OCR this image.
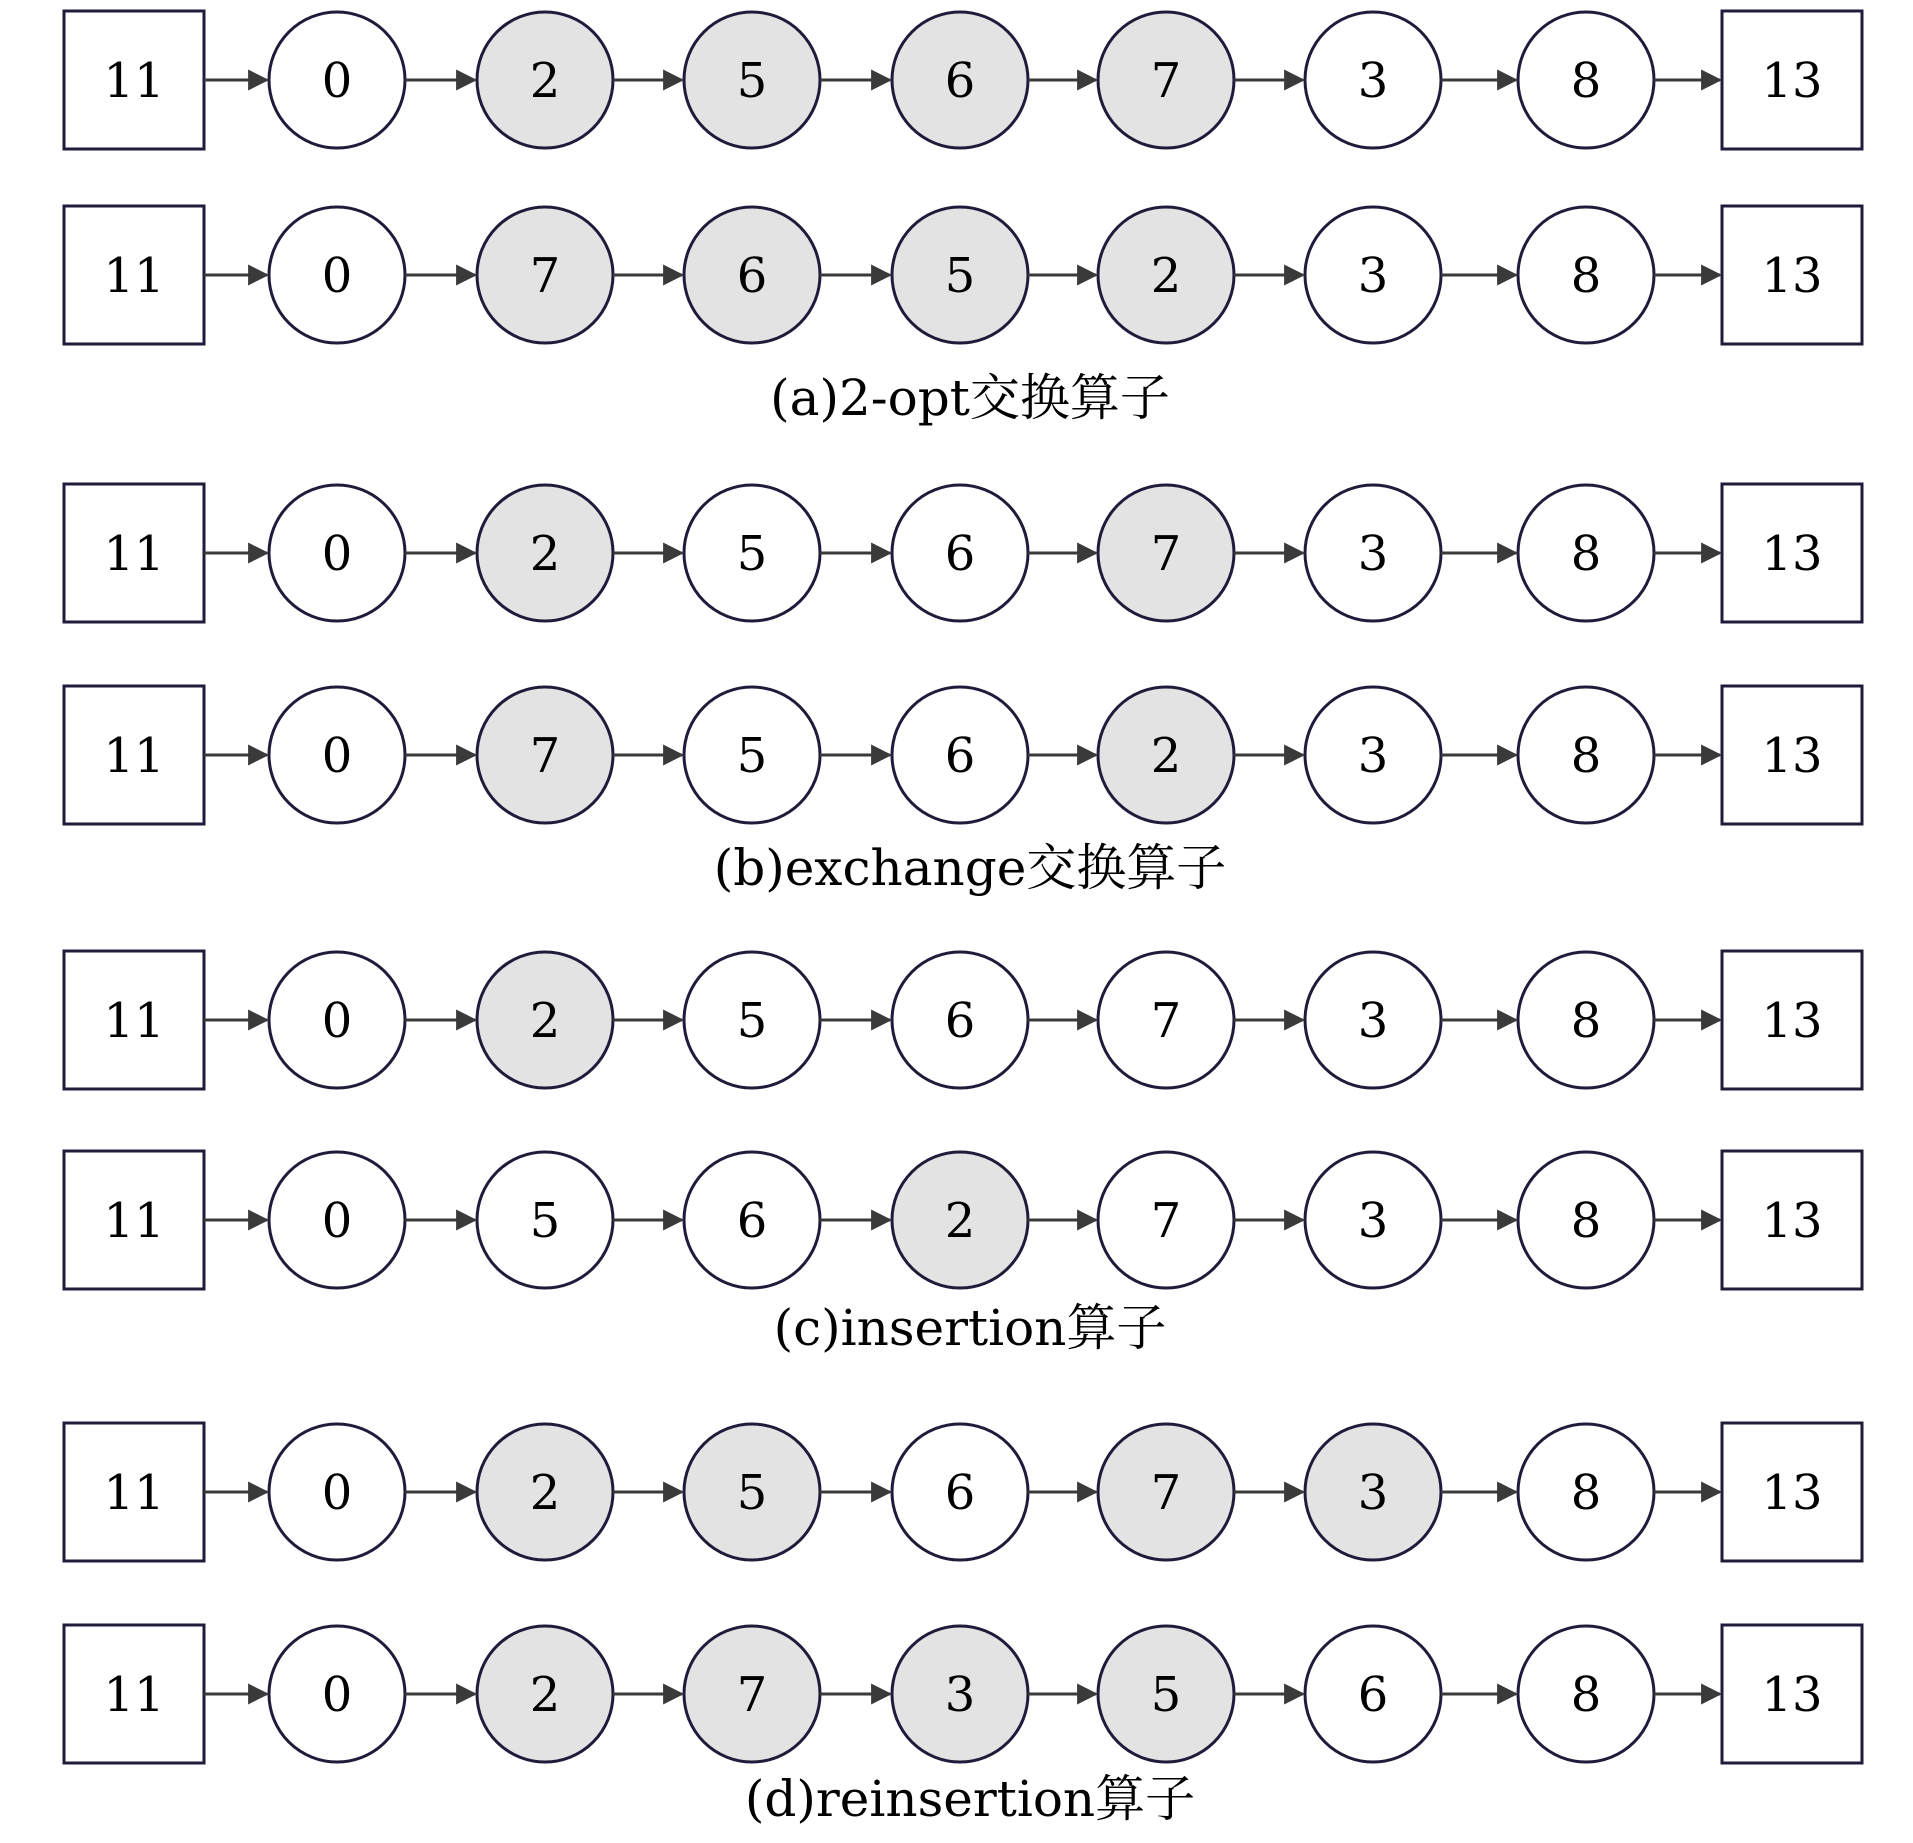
(a)2-opt交换算子
11	0	2	5	6	7	3	8	13
11	0	7	6	5	2	3	8	13
(b)exchange交换算子
11	0	2	5	6	7	3	8	13
11	0	7	5	6	2	3	8	13
(c)insertion算子
11	0	2	5	6	7	3	8	13
11	0	5	6	2	7	3	8	13
(d)reinsertion算子
11	0	2	5	6	7	3	8	13
11	0	2	7	3	5	6	8	13
